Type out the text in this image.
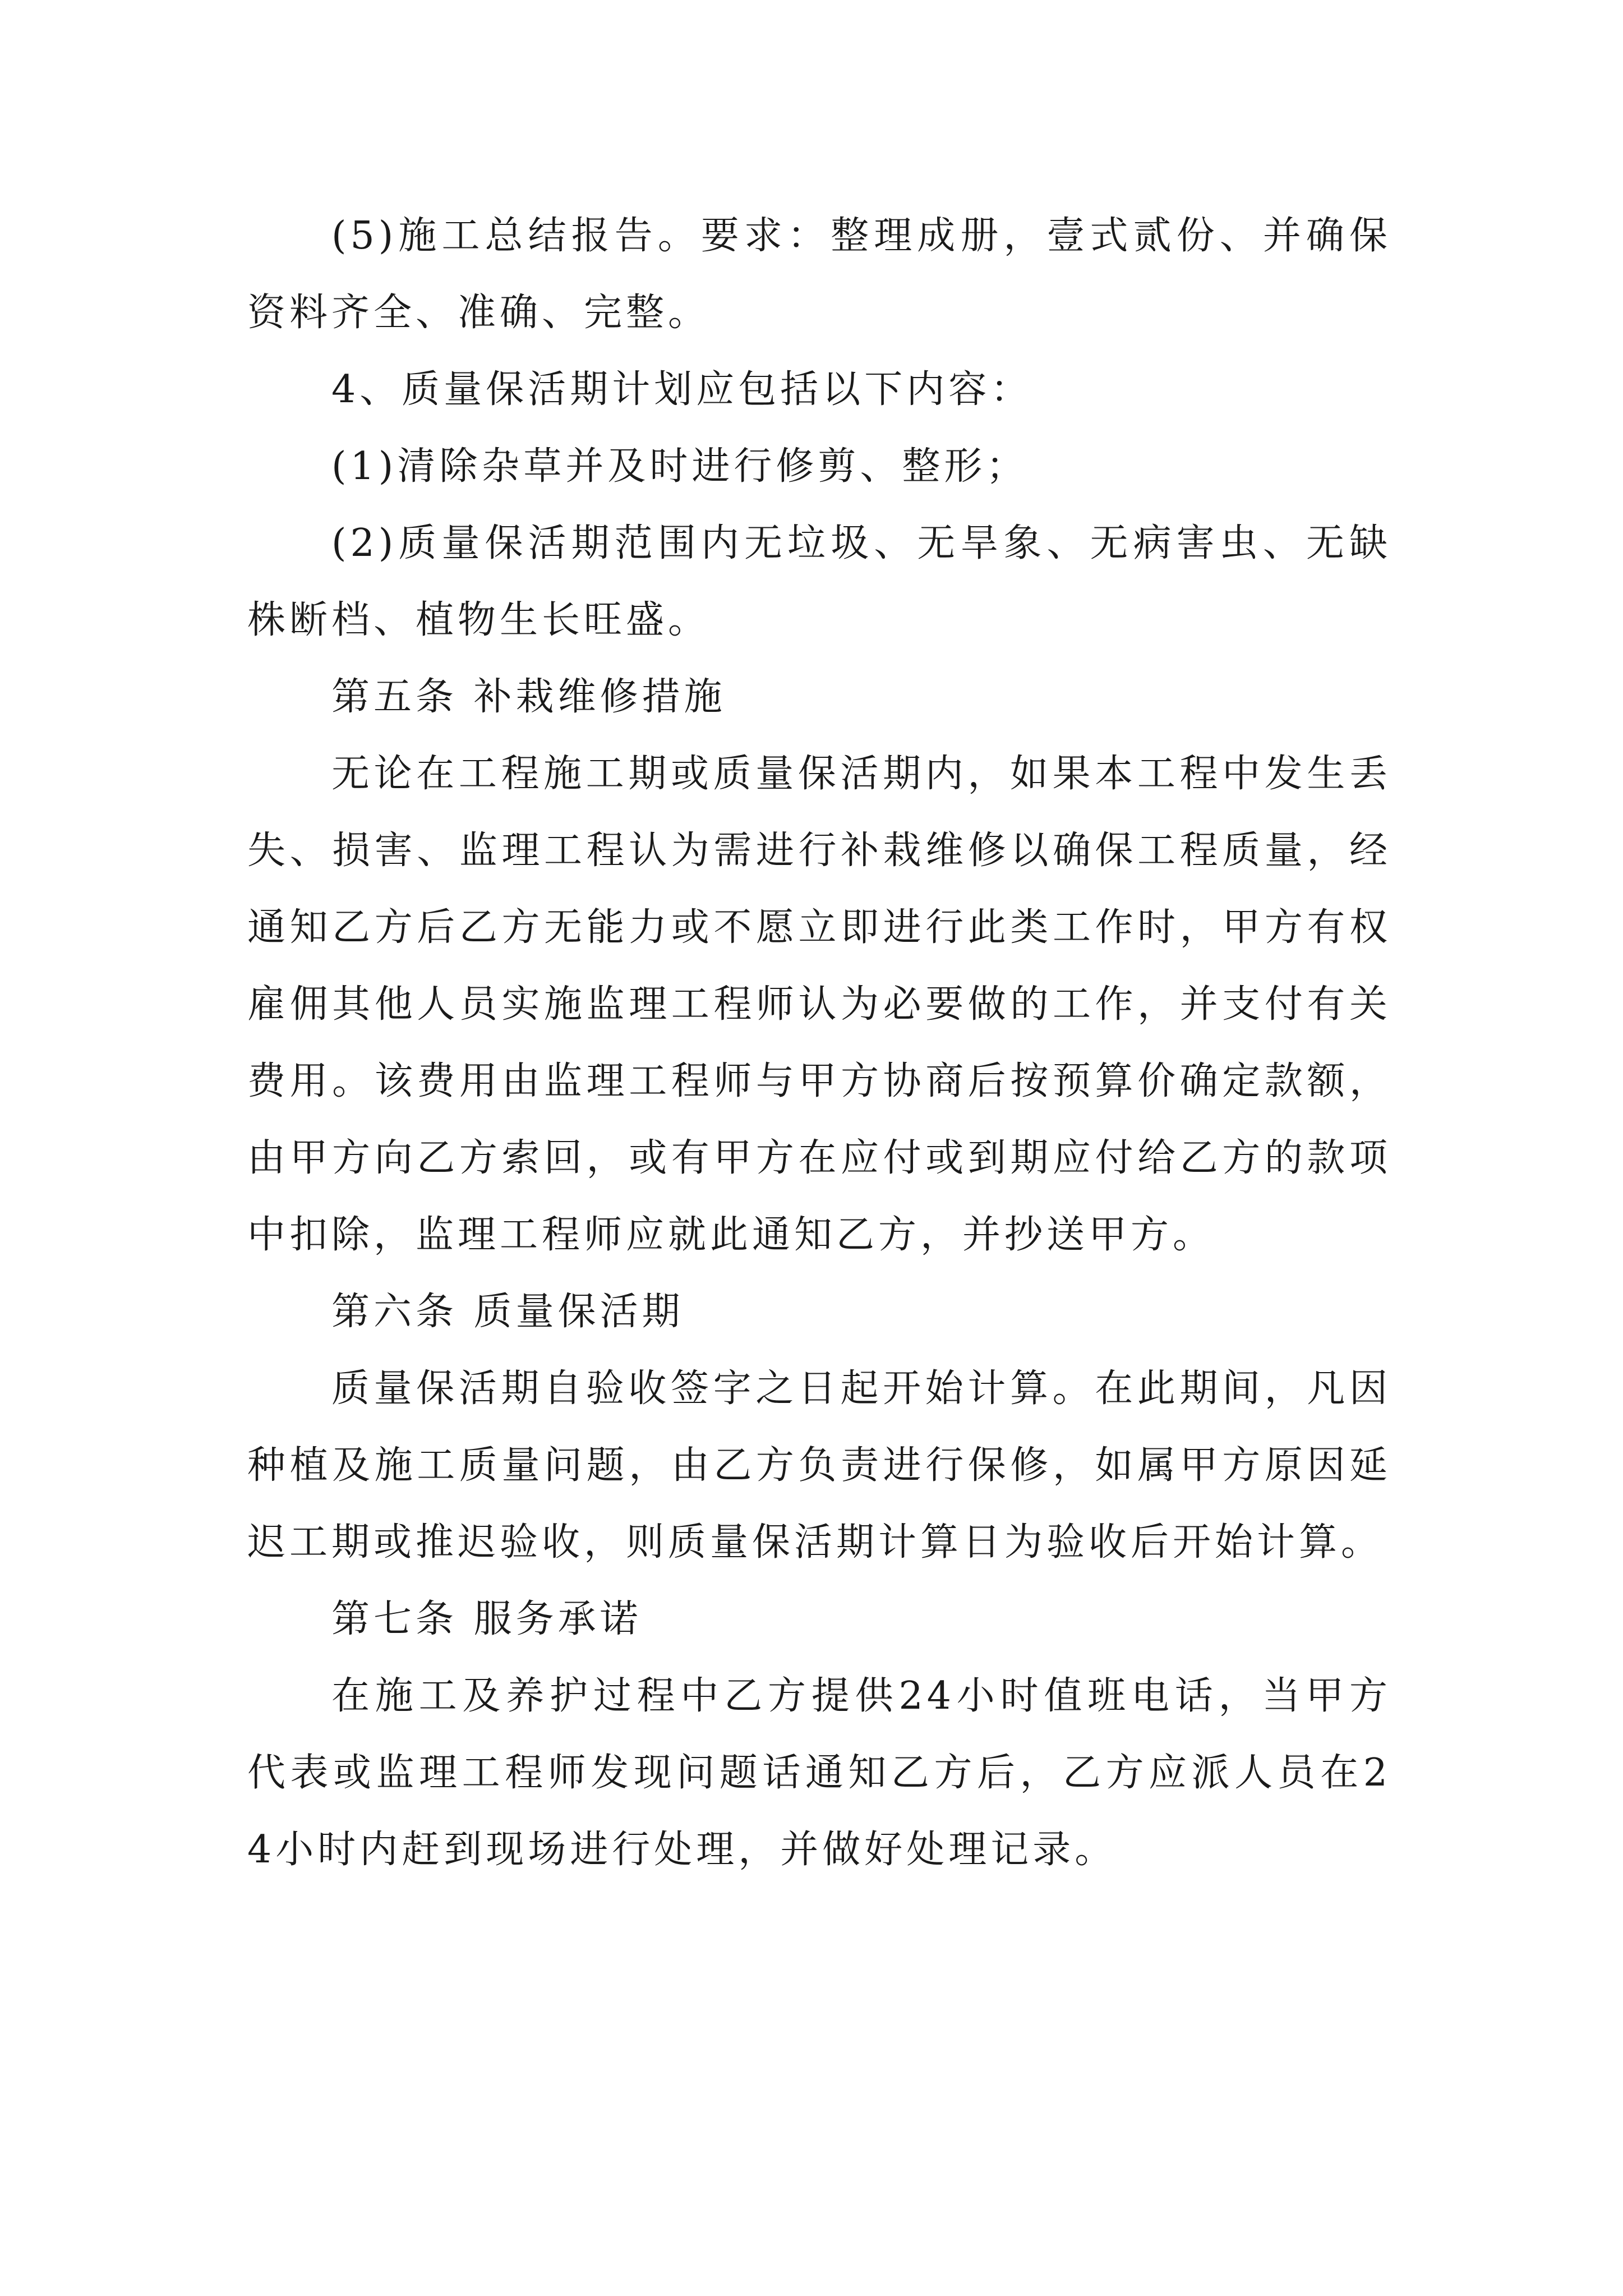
(5)施工总结报告。要求：整理成册，壹式贰份、并确保资料齐全、准确、完整。

4、质量保活期计划应包括以下内容：

(1)清除杂草并及时进行修剪、整形；

(2)质量保活期范围内无垃圾、无旱象、无病害虫、无缺株断档、植物生长旺盛。

第五条 补栽维修措施

无论在工程施工期或质量保活期内，如果本工程中发生丢失、损害、监理工程认为需进行补栽维修以确保工程质量，经通知乙方后乙方无能力或不愿立即进行此类工作时，甲方有权雇佣其他人员实施监理工程师认为必要做的工作，并支付有关费用。该费用由监理工程师与甲方协商后按预算价确定款额，由甲方向乙方索回，或有甲方在应付或到期应付给乙方的款项中扣除，监理工程师应就此通知乙方，并抄送甲方。

第六条 质量保活期

质量保活期自验收签字之日起开始计算。在此期间，凡因种植及施工质量问题，由乙方负责进行保修，如属甲方原因延迟工期或推迟验收，则质量保活期计算日为验收后开始计算。

第七条 服务承诺

在施工及养护过程中乙方提供24小时值班电话，当甲方代表或监理工程师发现问题话通知乙方后，乙方应派人员在24小时内赶到现场进行处理，并做好处理记录。
